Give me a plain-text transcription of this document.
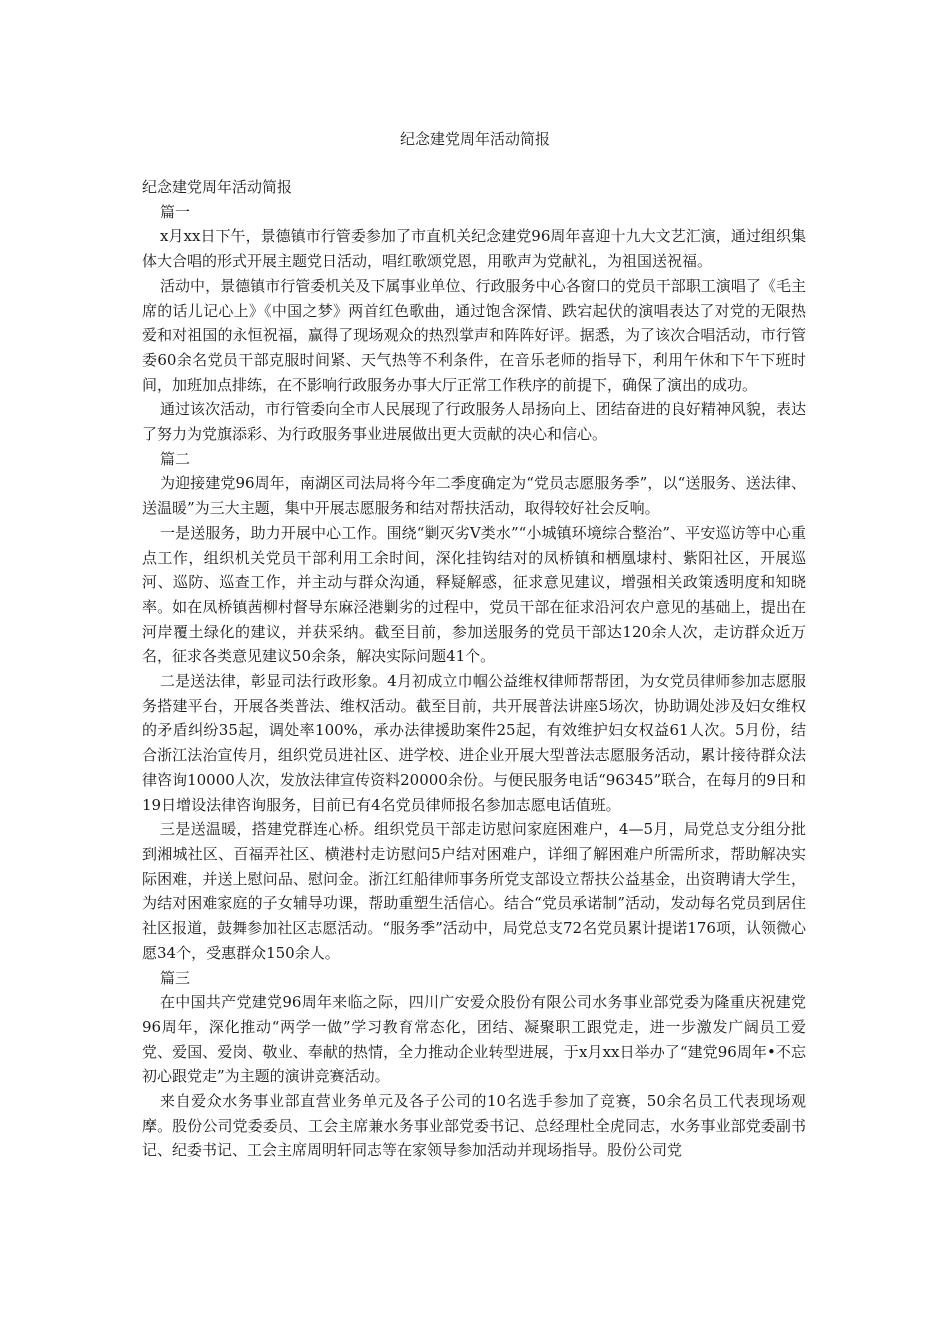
纪念建党周年活动简报

纪念建党周年活动简报

篇一

x月xx日下午，景德镇市行管委参加了市直机关纪念建党96周年喜迎十九大文艺汇演，通过组织集体大合唱的形式开展主题党日活动，唱红歌颂党恩，用歌声为党献礼，为祖国送祝福。

活动中，景德镇市行管委机关及下属事业单位、行政服务中心各窗口的党员干部职工演唱了《毛主席的话儿记心上》《中国之梦》两首红色歌曲，通过饱含深情、跌宕起伏的演唱表达了对党的无限热爱和对祖国的永恒祝福，赢得了现场观众的热烈掌声和阵阵好评。据悉，为了该次合唱活动，市行管委60余名党员干部克服时间紧、天气热等不利条件，在音乐老师的指导下，利用午休和下午下班时间，加班加点排练，在不影响行政服务办事大厅正常工作秩序的前提下，确保了演出的成功。

通过该次活动，市行管委向全市人民展现了行政服务人昂扬向上、团结奋进的良好精神风貌，表达了努力为党旗添彩、为行政服务事业进展做出更大贡献的决心和信心。

篇二

为迎接建党96周年，南湖区司法局将今年二季度确定为“党员志愿服务季”，以“送服务、送法律、送温暖”为三大主题，集中开展志愿服务和结对帮扶活动，取得较好社会反响。

一是送服务，助力开展中心工作。围绕“剿灭劣Ⅴ类水”“小城镇环境综合整治”、平安巡访等中心重点工作，组织机关党员干部利用工余时间，深化挂钩结对的凤桥镇和栖凰埭村、紫阳社区，开展巡河、巡防、巡查工作，并主动与群众沟通，释疑解惑，征求意见建议，增强相关政策透明度和知晓率。如在凤桥镇茜柳村督导东麻泾港剿劣的过程中，党员干部在征求沿河农户意见的基础上，提出在河岸覆土绿化的建议，并获采纳。截至目前，参加送服务的党员干部达120余人次，走访群众近万名，征求各类意见建议50余条，解决实际问题41个。

二是送法律，彰显司法行政形象。4月初成立巾帼公益维权律师帮帮团，为女党员律师参加志愿服务搭建平台，开展各类普法、维权活动。截至目前，共开展普法讲座5场次，协助调处涉及妇女维权的矛盾纠纷35起，调处率100%，承办法律援助案件25起，有效维护妇女权益61人次。5月份，结合浙江法治宣传月，组织党员进社区、进学校、进企业开展大型普法志愿服务活动，累计接待群众法律咨询10000人次，发放法律宣传资料20000余份。与便民服务电话“96345”联合，在每月的9日和19日增设法律咨询服务，目前已有4名党员律师报名参加志愿电话值班。

三是送温暖，搭建党群连心桥。组织党员干部走访慰问家庭困难户，4—5月，局党总支分组分批到湘城社区、百福弄社区、横港村走访慰问5户结对困难户，详细了解困难户所需所求，帮助解决实际困难，并送上慰问品、慰问金。浙江红船律师事务所党支部设立帮扶公益基金，出资聘请大学生，为结对困难家庭的子女辅导功课，帮助重塑生活信心。结合“党员承诺制”活动，发动每名党员到居住社区报道，鼓舞参加社区志愿活动。“服务季”活动中，局党总支72名党员累计提诺176项，认领微心愿34个，受惠群众150余人。

篇三

在中国共产党建党96周年来临之际，四川广安爱众股份有限公司水务事业部党委为隆重庆祝建党96周年，深化推动“两学一做”学习教育常态化，团结、凝聚职工跟党走，进一步激发广阔员工爱党、爱国、爱岗、敬业、奉献的热情，全力推动企业转型进展，于x月xx日举办了“建党96周年•不忘初心跟党走”为主题的演讲竞赛活动。

来自爱众水务事业部直营业务单元及各子公司的10名选手参加了竞赛，50余名员工代表现场观摩。股份公司党委委员、工会主席兼水务事业部党委书记、总经理杜全虎同志，水务事业部党委副书记、纪委书记、工会主席周明轩同志等在家领导参加活动并现场指导。股份公司党
